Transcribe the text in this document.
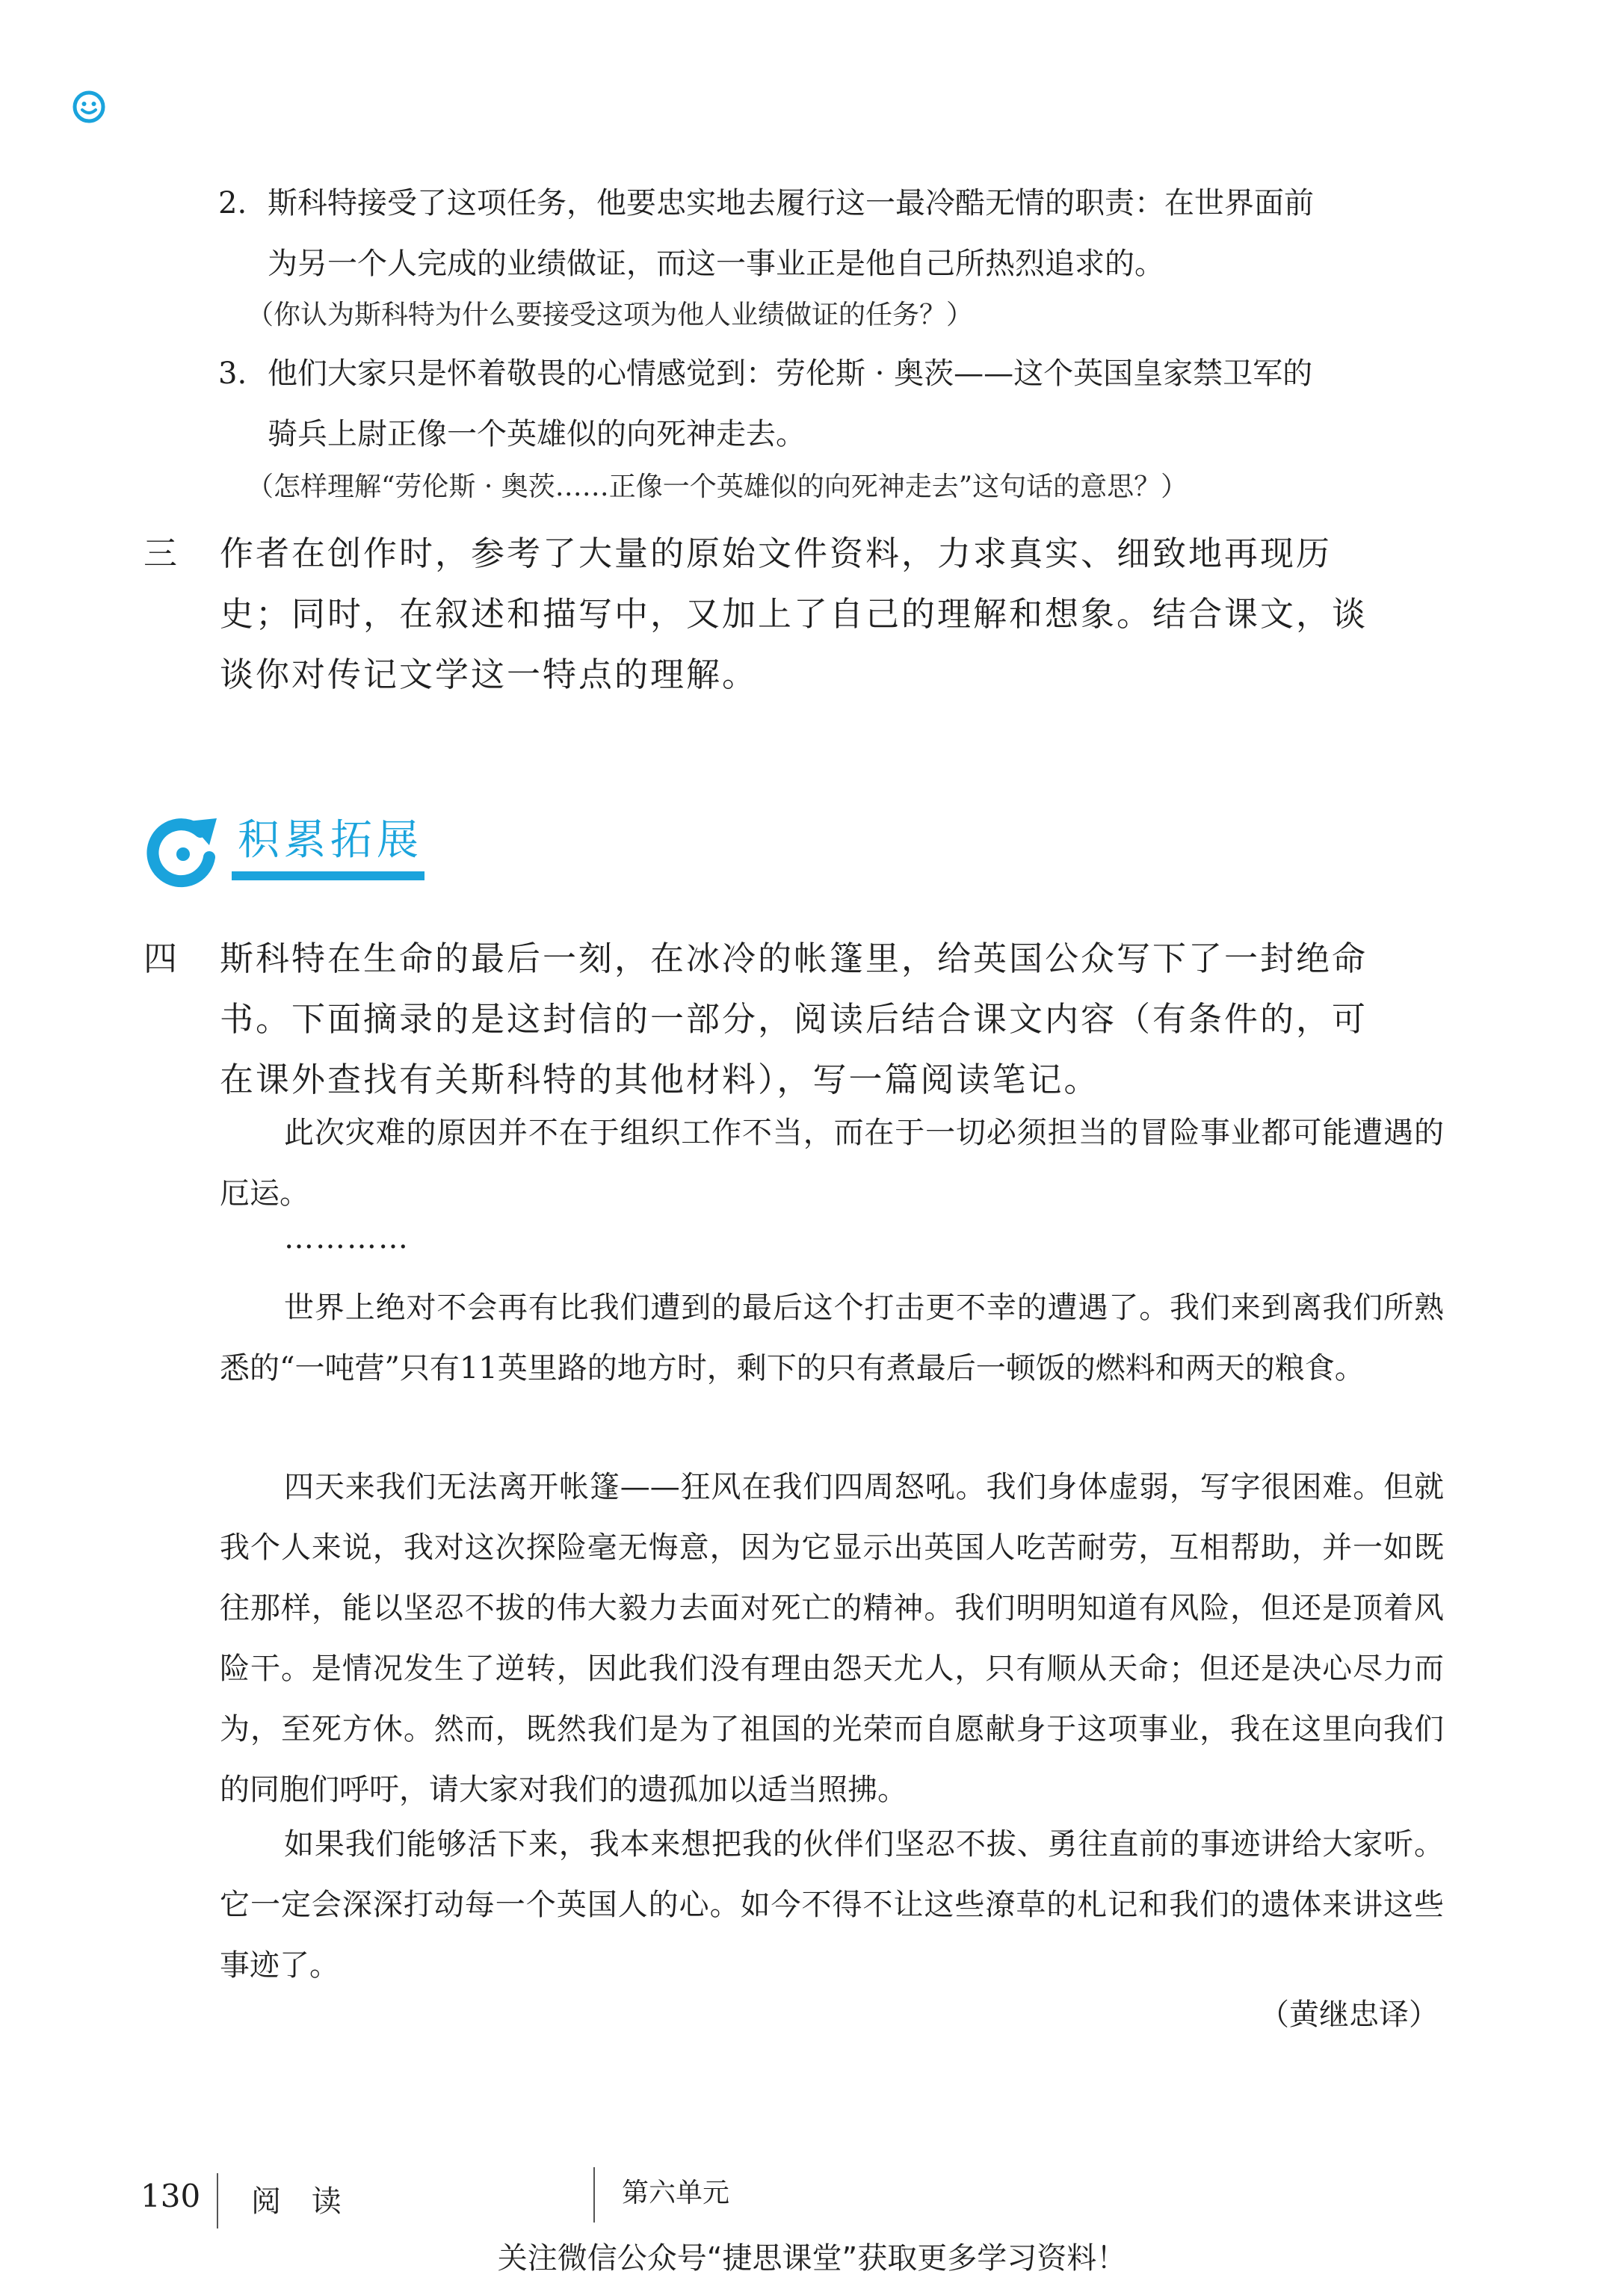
2. 斯科特接受了这项任务，他要忠实地去履行这一最冷酷无情的职责：在世界面前
为另一个人完成的业绩做证，而这一事业正是他自己所热烈追求的。
（你认为斯科特为什么要接受这项为他人业绩做证的任务？）
3. 他们大家只是怀着敬畏的心情感觉到：劳伦斯 · 奥茨——这个英国皇家禁卫军的
骑兵上尉正像一个英雄似的向死神走去。
（怎样理解“劳伦斯 · 奥茨……正像一个英雄似的向死神走去”这句话的意思？）
三 作者在创作时，参考了大量的原始文件资料，力求真实、细致地再现历
史；同时，在叙述和描写中，又加上了自己的理解和想象。结合课文，谈
谈你对传记文学这一特点的理解。
积累拓展
四 斯科特在生命的最后一刻，在冰冷的帐篷里，给英国公众写下了一封绝命
书。下面摘录的是这封信的一部分，阅读后结合课文内容（有条件的，可
在课外查找有关斯科特的其他材料），写一篇阅读笔记。
此次灾难的原因并不在于组织工作不当，而在于一切必须担当的冒险事业都可能遭遇的厄运。
…………
世界上绝对不会再有比我们遭到的最后这个打击更不幸的遭遇了。我们来到离我们所熟悉的“一吨营”只有11英里路的地方时，剩下的只有煮最后一顿饭的燃料和两天的粮食。
四天来我们无法离开帐篷——狂风在我们四周怒吼。我们身体虚弱，写字很困难。但就我个人来说，我对这次探险毫无悔意，因为它显示出英国人吃苦耐劳，互相帮助，并一如既往那样，能以坚忍不拔的伟大毅力去面对死亡的精神。我们明明知道有风险，但还是顶着风险干。是情况发生了逆转，因此我们没有理由怨天尤人，只有顺从天命；但还是决心尽力而为，至死方休。然而，既然我们是为了祖国的光荣而自愿献身于这项事业，我在这里向我们的同胞们呼吁，请大家对我们的遗孤加以适当照拂。
如果我们能够活下来，我本来想把我的伙伴们坚忍不拔、勇往直前的事迹讲给大家听。它一定会深深打动每一个英国人的心。如今不得不让这些潦草的札记和我们的遗体来讲这些事迹了。
（黄继忠译）
130 阅 读	第六单元
关注微信公众号“捷思课堂”获取更多学习资料！
